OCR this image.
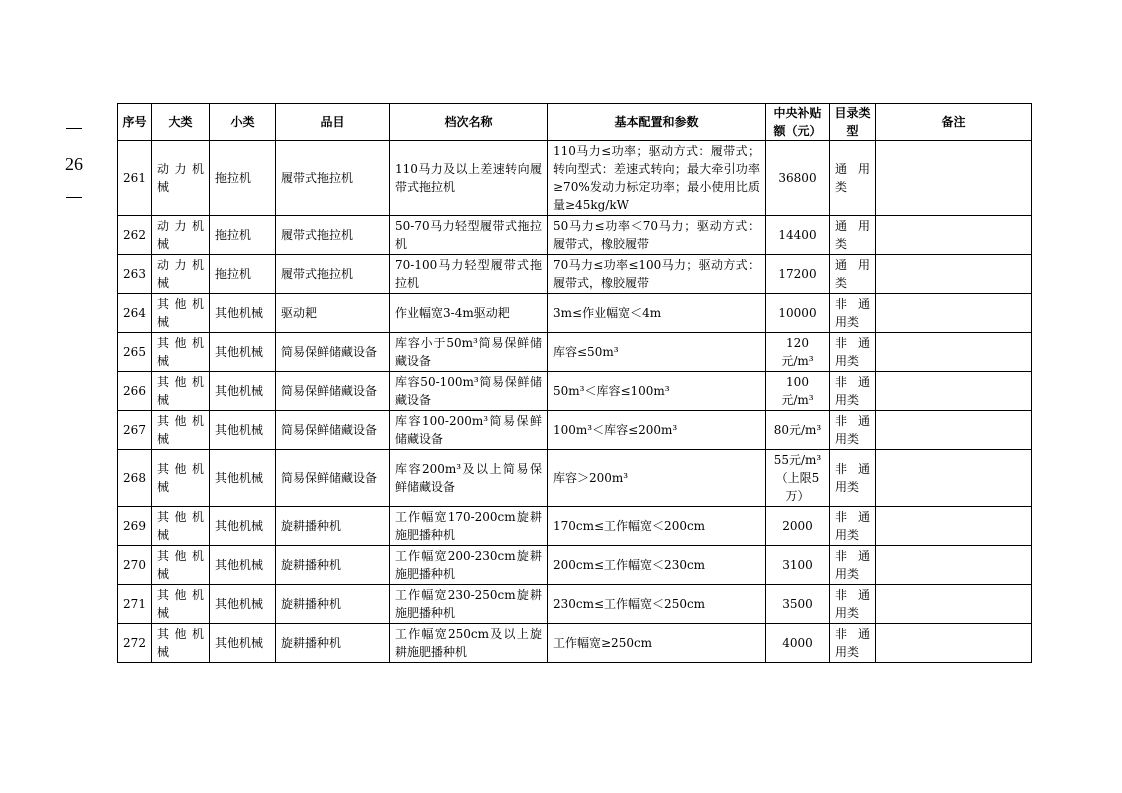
26
序号	大类	小类	品目	档次名称	基本配置和参数	中央补贴额（元）	目录类型	备注
261	动力机械	拖拉机	履带式拖拉机	110马力及以上差速转向履带式拖拉机	110马力≤功率；驱动方式：履带式；转向型式：差速式转向；最大牵引功率≥70%发动力标定功率；最小使用比质量≥45kg/kW	36800	通用类	
262	动力机械	拖拉机	履带式拖拉机	50-70马力轻型履带式拖拉机	50马力≤功率＜70马力；驱动方式：履带式，橡胶履带	14400	通用类	
263	动力机械	拖拉机	履带式拖拉机	70-100马力轻型履带式拖拉机	70马力≤功率≤100马力；驱动方式：履带式，橡胶履带	17200	通用类	
264	其他机械	其他机械	驱动耙	作业幅宽3-4m驱动耙	3m≤作业幅宽＜4m	10000	非通用类	
265	其他机械	其他机械	简易保鲜储藏设备	库容小于50m³简易保鲜储藏设备	库容≤50m³	120元/m³	非通用类	
266	其他机械	其他机械	简易保鲜储藏设备	库容50-100m³简易保鲜储藏设备	50m³＜库容≤100m³	100元/m³	非通用类	
267	其他机械	其他机械	简易保鲜储藏设备	库容100-200m³简易保鲜储藏设备	100m³＜库容≤200m³	80元/m³	非通用类	
268	其他机械	其他机械	简易保鲜储藏设备	库容200m³及以上简易保鲜储藏设备	库容＞200m³	55元/m³（上限5万）	非通用类	
269	其他机械	其他机械	旋耕播种机	工作幅宽170-200cm旋耕施肥播种机	170cm≤工作幅宽＜200cm	2000	非通用类	
270	其他机械	其他机械	旋耕播种机	工作幅宽200-230cm旋耕施肥播种机	200cm≤工作幅宽＜230cm	3100	非通用类	
271	其他机械	其他机械	旋耕播种机	工作幅宽230-250cm旋耕施肥播种机	230cm≤工作幅宽＜250cm	3500	非通用类	
272	其他机械	其他机械	旋耕播种机	工作幅宽250cm及以上旋耕施肥播种机	工作幅宽≥250cm	4000	非通用类	
